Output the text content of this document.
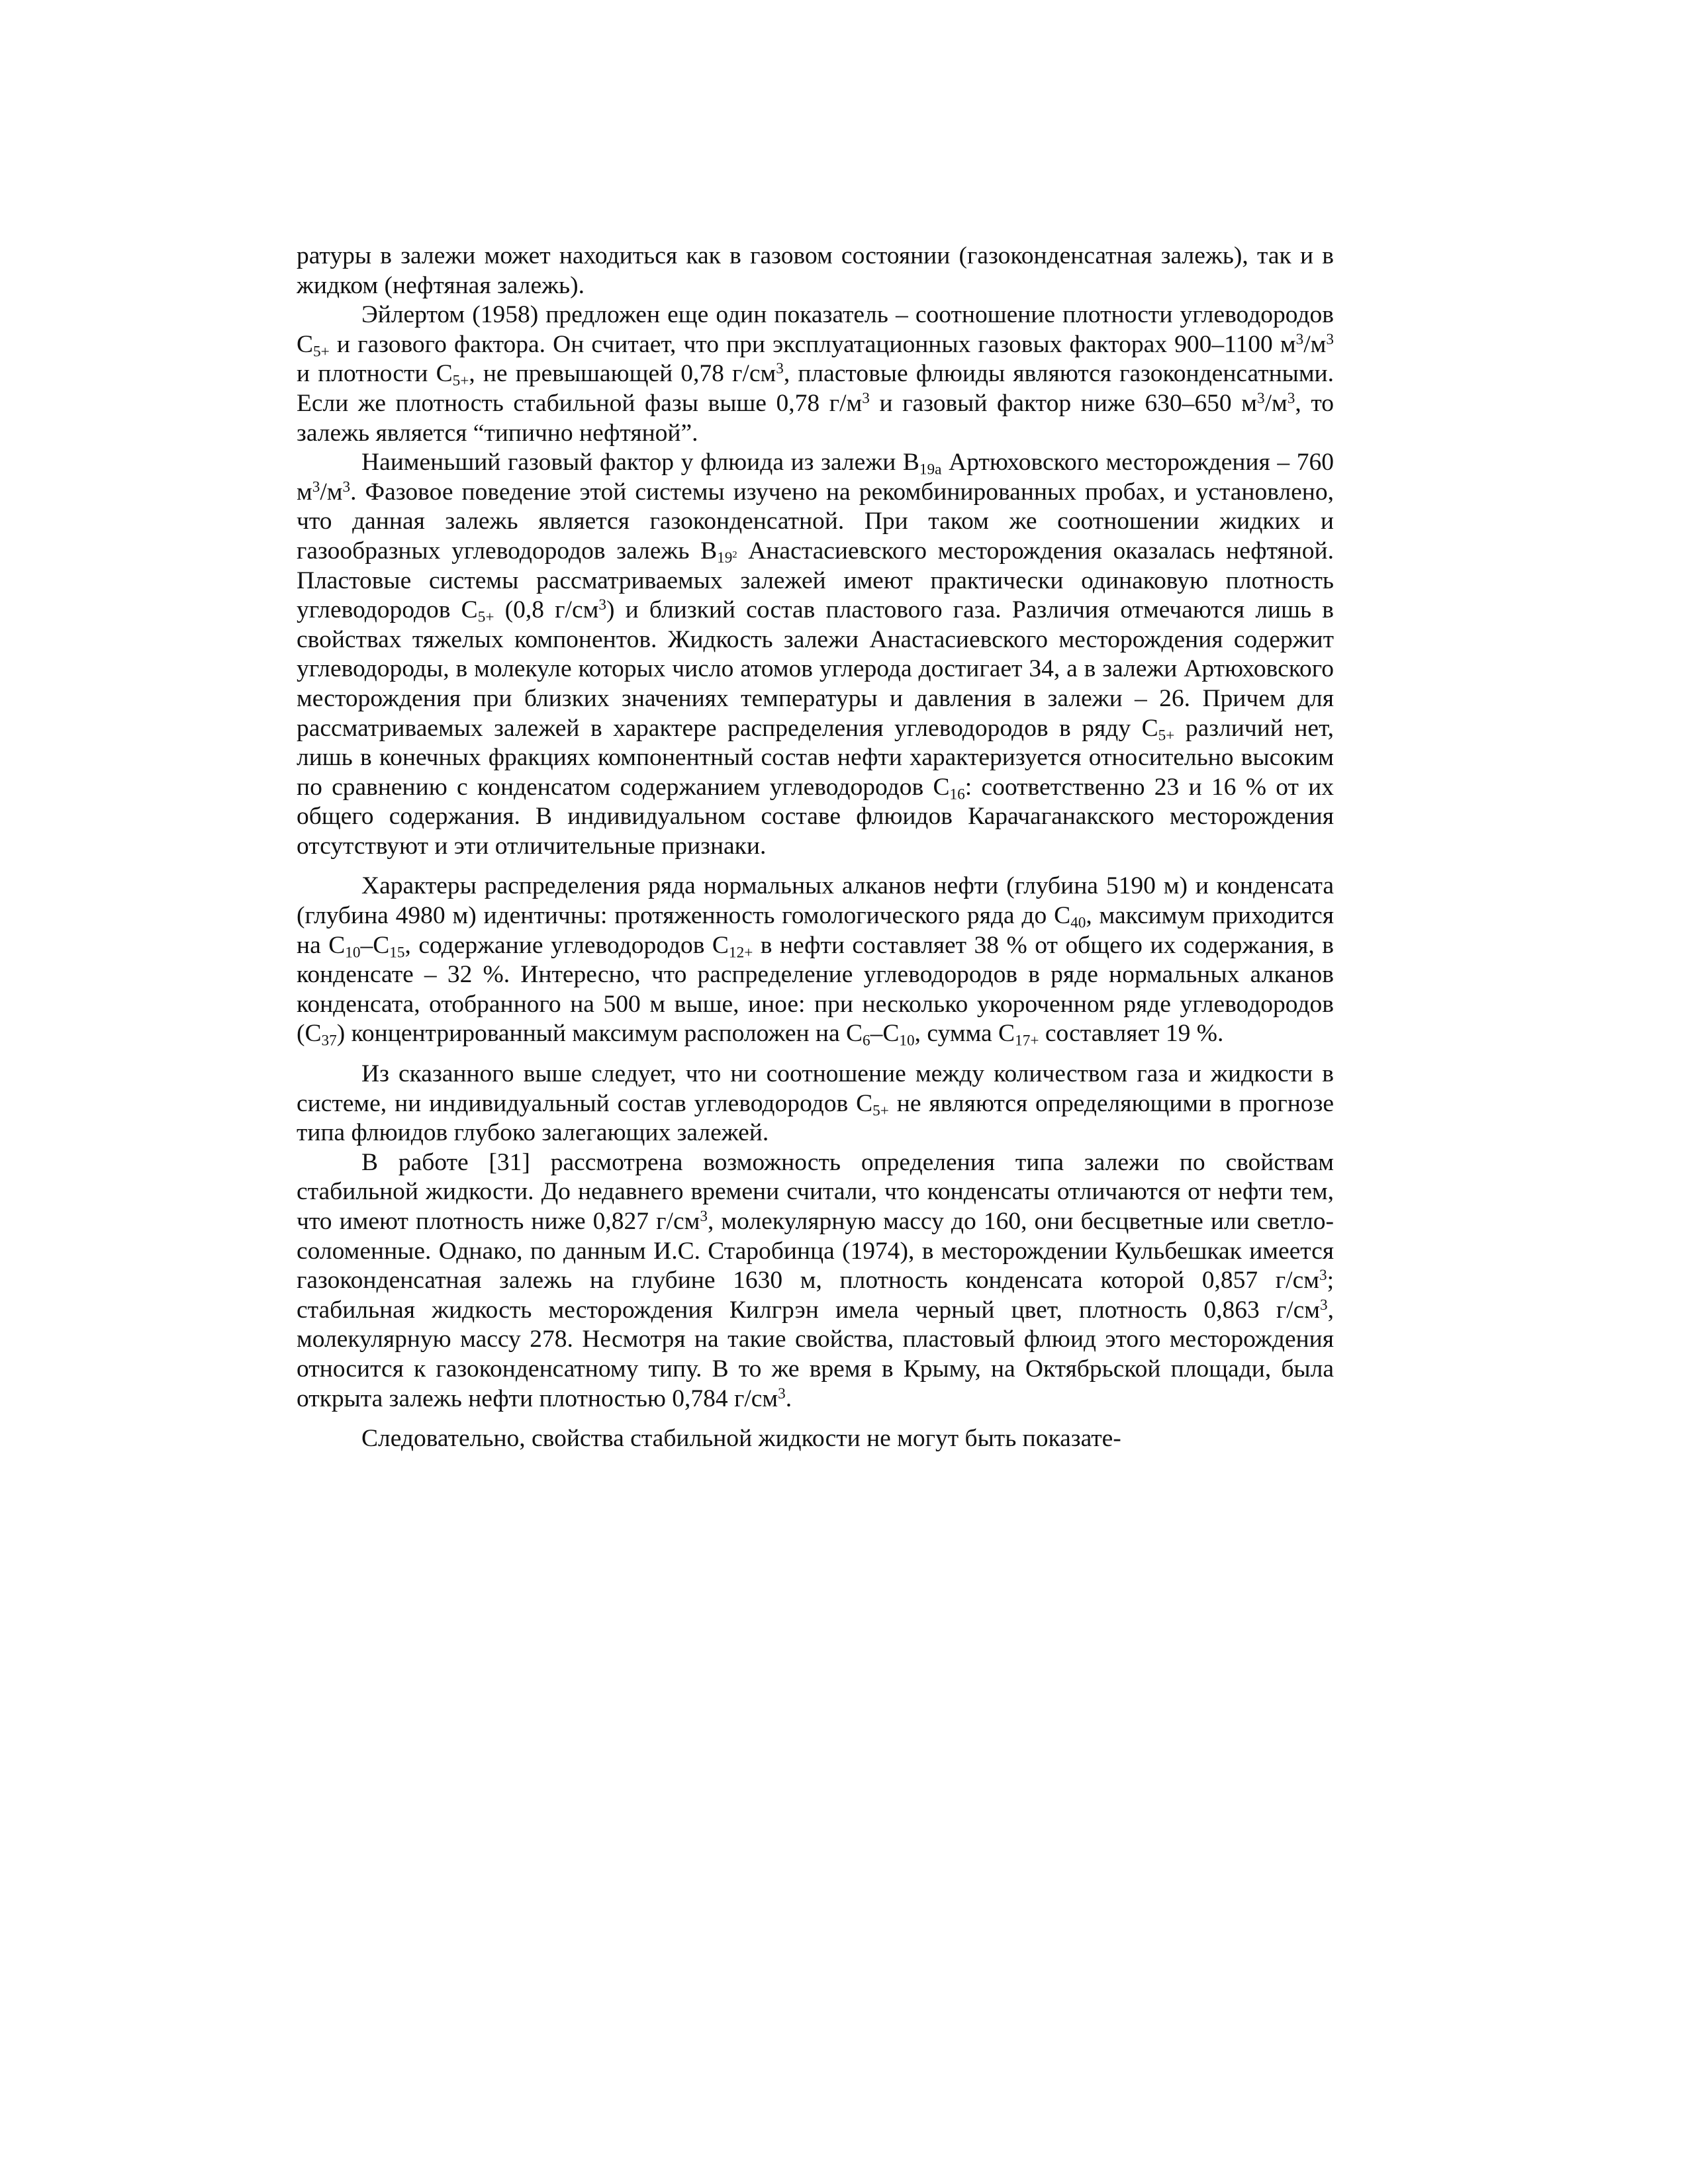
ратуры в залежи может находиться как в газовом состоянии (газоконденсатная залежь), так и в жидком (нефтяная залежь).

Эйлертом (1958) предложен еще один показатель – соотношение плотности углеводородов $С_{5+}$ и газового фактора. Он считает, что при эксплуатационных газовых факторах 900–1100 $м^3/м^3$ и плотности $С_{5+}$, не превышающей 0,78 $г/см^3$, пластовые флюиды являются газоконденсатными. Если же плотность стабильной фазы выше 0,78 $г/м^3$ и газовый фактор ниже 630–650 $м^3/м^3$, то залежь является “типично нефтяной”.

Наименьший газовый фактор у флюида из залежи $В_{19а}$ Артюховского месторождения – 760 $м^3/м^3$. Фазовое поведение этой системы изучено на рекомбинированных пробах, и установлено, что данная залежь является газоконденсатной. При таком же соотношении жидких и газообразных углеводородов залежь $В_{19^2}$ Анастасиевского месторождения оказалась нефтяной. Пластовые системы рассматриваемых залежей имеют практически одинаковую плотность углеводородов $С_{5+}$ (0,8 $г/см^3$) и близкий состав пластового газа. Различия отмечаются лишь в свойствах тяжелых компонентов. Жидкость залежи Анастасиевского месторождения содержит углеводороды, в молекуле которых число атомов углерода достигает 34, а в залежи Артюховского месторождения при близких значениях температуры и давления в залежи – 26. Причем для рассматриваемых залежей в характере распределения углеводородов в ряду $С_{5+}$ различий нет, лишь в конечных фракциях компонентный состав нефти характеризуется относительно высоким по сравнению с конденсатом содержанием углеводородов $С_{16}$: соответственно 23 и 16 % от их общего содержания. В индивидуальном составе флюидов Карачаганакского месторождения отсутствуют и эти отличительные признаки.

Характеры распределения ряда нормальных алканов нефти (глубина 5190 м) и конденсата (глубина 4980 м) идентичны: протяженность гомологического ряда до $С_{40}$, максимум приходится на $С_{10}-С_{15}$, содержание углеводородов $С_{12+}$ в нефти составляет 38 % от общего их содержания, в конденсате – 32 %. Интересно, что распределение углеводородов в ряде нормальных алканов конденсата, отобранного на 500 м выше, иное: при несколько укороченном ряде углеводородов $(С_{37})$ концентрированный максимум расположен на $С_6-С_{10}$, сумма $С_{17+}$ составляет 19 %.

Из сказанного выше следует, что ни соотношение между количеством газа и жидкости в системе, ни индивидуальный состав углеводородов $С_{5+}$ не являются определяющими в прогнозе типа флюидов глубоко залегающих залежей.

В работе [31] рассмотрена возможность определения типа залежи по свойствам стабильной жидкости. До недавнего времени считали, что конденсаты отличаются от нефти тем, что имеют плотность ниже 0,827 $г/см^3$, молекулярную массу до 160, они бесцветные или светло-соломенные. Однако, по данным И.С. Старобинца (1974), в месторождении Кульбешкак имеется газоконденсатная залежь на глубине 1630 м, плотность конденсата которой 0,857 $г/см^3$; стабильная жидкость месторождения Килгрэн имела черный цвет, плотность 0,863 $г/см^3$, молекулярную массу 278. Несмотря на такие свойства, пластовый флюид этого месторождения относится к газоконденсатному типу. В то же время в Крыму, на Октябрьской площади, была открыта залежь нефти плотностью 0,784 $г/см^3$.

Следовательно, свойства стабильной жидкости не могут быть показате-
